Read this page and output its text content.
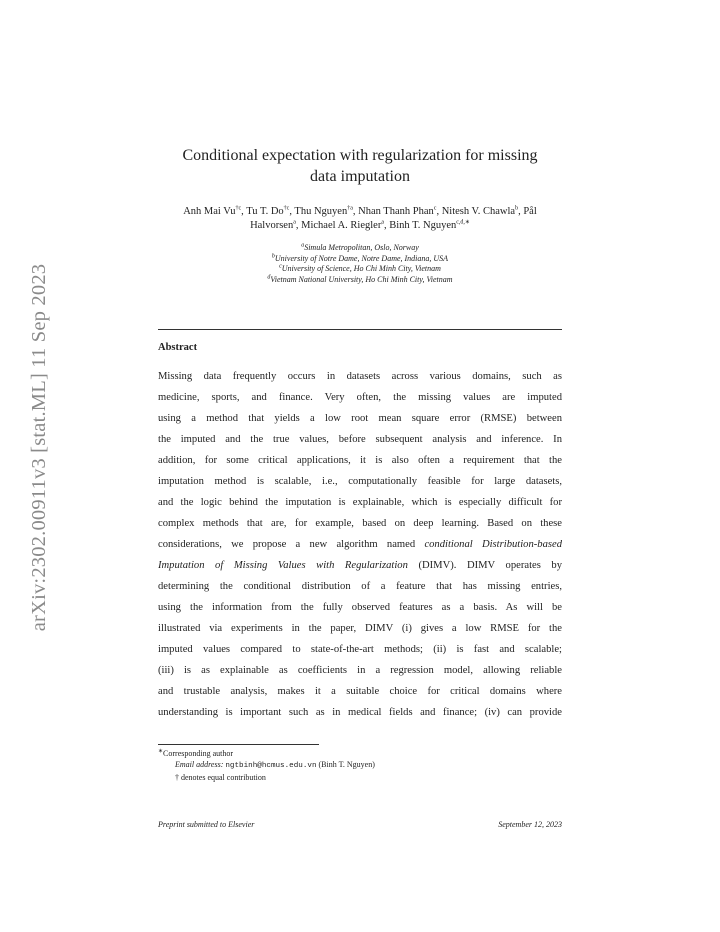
arXiv:2302.00911v3 [stat.ML] 11 Sep 2023
Conditional expectation with regularization for missing
data imputation
Anh Mai Vu$^{\dagger c}$, Tu T. Do$^{\dagger c}$, Thu Nguyen$^{\dagger a}$, Nhan Thanh Phan$^c$, Nitesh V. Chawla$^b$, Pål Halvorsen$^a$, Michael A. Riegler$^a$, Binh T. Nguyen$^{c,d,∗}$
$^a$Simula Metropolitan, Oslo, Norway
$^b$University of Notre Dame, Notre Dame, Indiana, USA
$^c$University of Science, Ho Chi Minh City, Vietnam
$^d$Vietnam National University, Ho Chi Minh City, Vietnam
Abstract
Missing data frequently occurs in datasets across various domains, such as
medicine, sports, and finance. Very often, the missing values are imputed
using a method that yields a low root mean square error (RMSE) between
the imputed and the true values, before subsequent analysis and inference. In
addition, for some critical applications, it is also often a requirement that the
imputation method is scalable, i.e., computationally feasible for large datasets,
and the logic behind the imputation is explainable, which is especially difficult for
complex methods that are, for example, based on deep learning. Based on these
considerations, we propose a new algorithm named conditional Distribution-based
Imputation of Missing Values with Regularization (DIMV). DIMV operates by
determining the conditional distribution of a feature that has missing entries,
using the information from the fully observed features as a basis. As will be
illustrated via experiments in the paper, DIMV (i) gives a low RMSE for the
imputed values compared to state-of-the-art methods; (ii) is fast and scalable;
(iii) is as explainable as coefficients in a regression model, allowing reliable
and trustable analysis, makes it a suitable choice for critical domains where
understanding is important such as in medical fields and finance; (iv) can provide
∗Corresponding author
Email address: ngtbinh@hcmus.edu.vn (Binh T. Nguyen)
† denotes equal contribution
Preprint submitted to Elsevier	September 12, 2023
